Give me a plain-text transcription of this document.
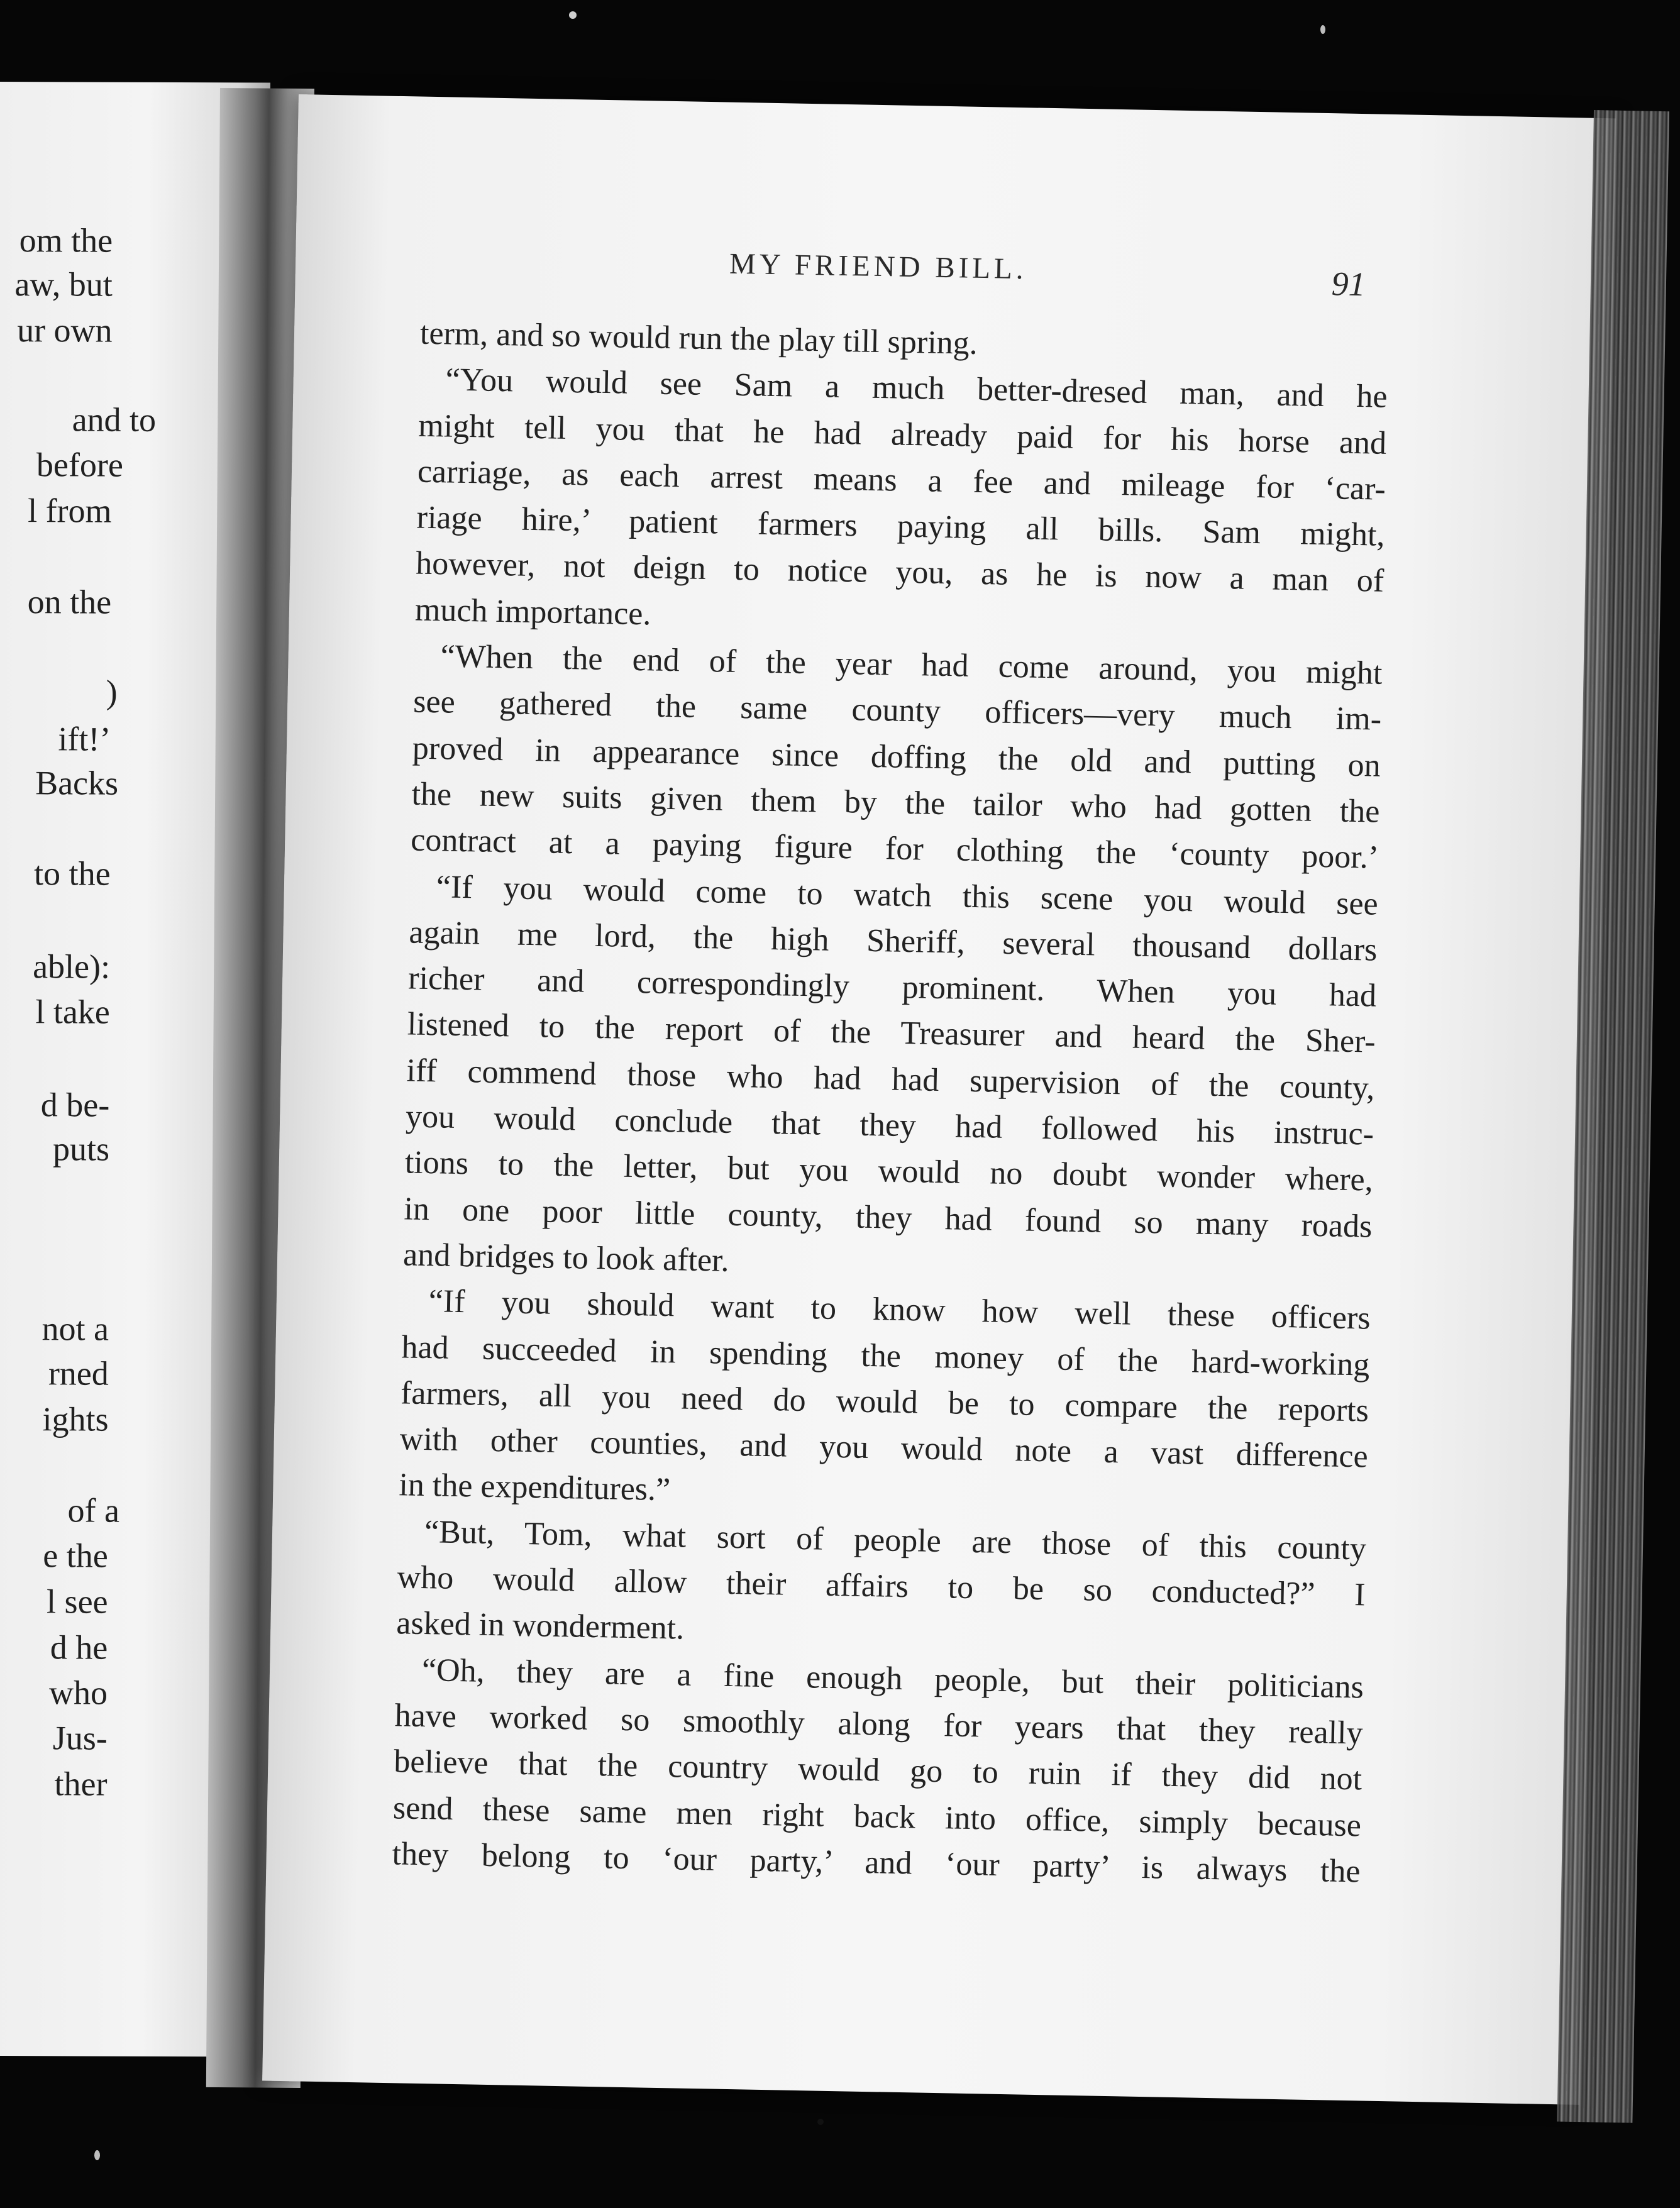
om the
aw, but
ur own
and to
before
l from
on the
)
ift!’
Backs
to the
able):
l take
d be-
puts
not a
rned
ights
of a
e the
l see
d he
who
Jus-
ther
MY FRIEND BILL.	91
term, and so would run the play till spring.
“You would see Sam a much better-dresed man, and he
might tell you that he had already paid for his horse and
carriage, as each arrest means a fee and mileage for ‘car-
riage hire,’ patient farmers paying all bills. Sam might,
however, not deign to notice you, as he is now a man of
much importance.
“When the end of the year had come around, you might
see gathered the same county officers—very much im-
proved in appearance since doffing the old and putting on
the new suits given them by the tailor who had gotten the
contract at a paying figure for clothing the ‘county poor.’
“If you would come to watch this scene you would see
again me lord, the high Sheriff, several thousand dollars
richer and correspondingly prominent. When you had
listened to the report of the Treasurer and heard the Sher-
iff commend those who had had supervision of the county,
you would conclude that they had followed his instruc-
tions to the letter, but you would no doubt wonder where,
in one poor little county, they had found so many roads
and bridges to look after.
“If you should want to know how well these officers
had succeeded in spending the money of the hard-working
farmers, all you need do would be to compare the reports
with other counties, and you would note a vast difference
in the expenditures.”
“But, Tom, what sort of people are those of this county
who would allow their affairs to be so conducted?” I
asked in wonderment.
“Oh, they are a fine enough people, but their politicians
have worked so smoothly along for years that they really
believe that the country would go to ruin if they did not
send these same men right back into office, simply because
they belong to ‘our party,’ and ‘our party’ is always the
